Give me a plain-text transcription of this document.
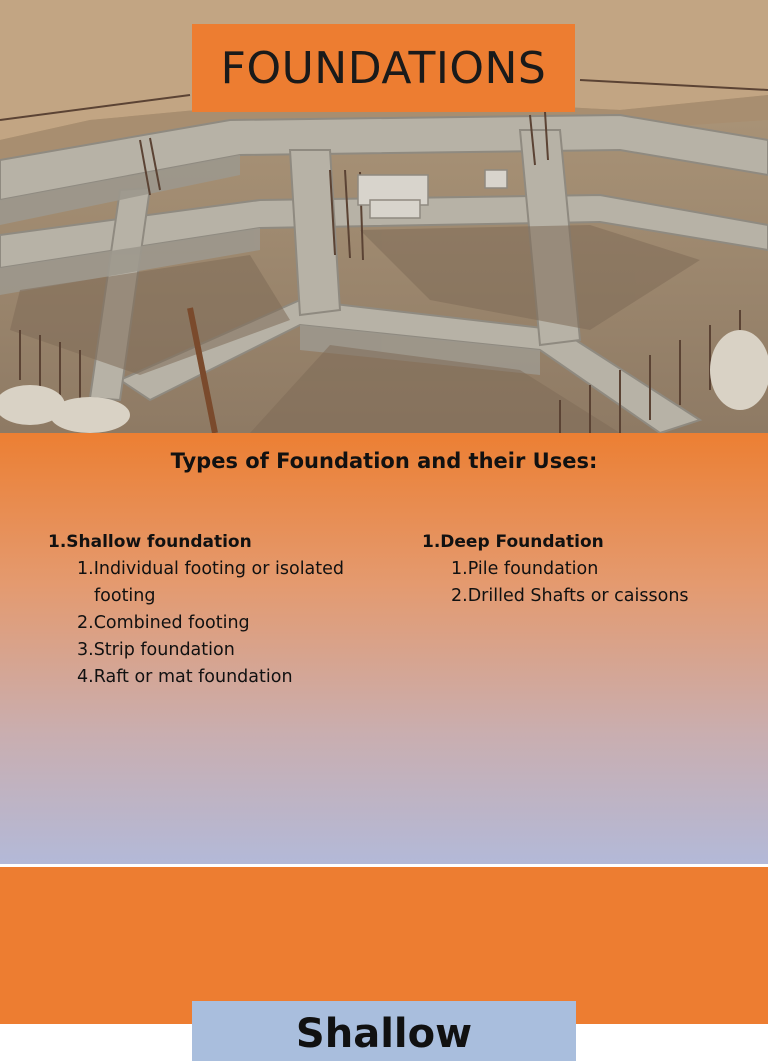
FOUNDATIONS
Types of Foundation and their Uses:
1.Shallow foundation
1.Individual footing or isolated footing
2.Combined footing
3.Strip foundation
4.Raft or mat foundation
1.Deep Foundation
1.Pile foundation
2.Drilled Shafts or caissons
Shallow
